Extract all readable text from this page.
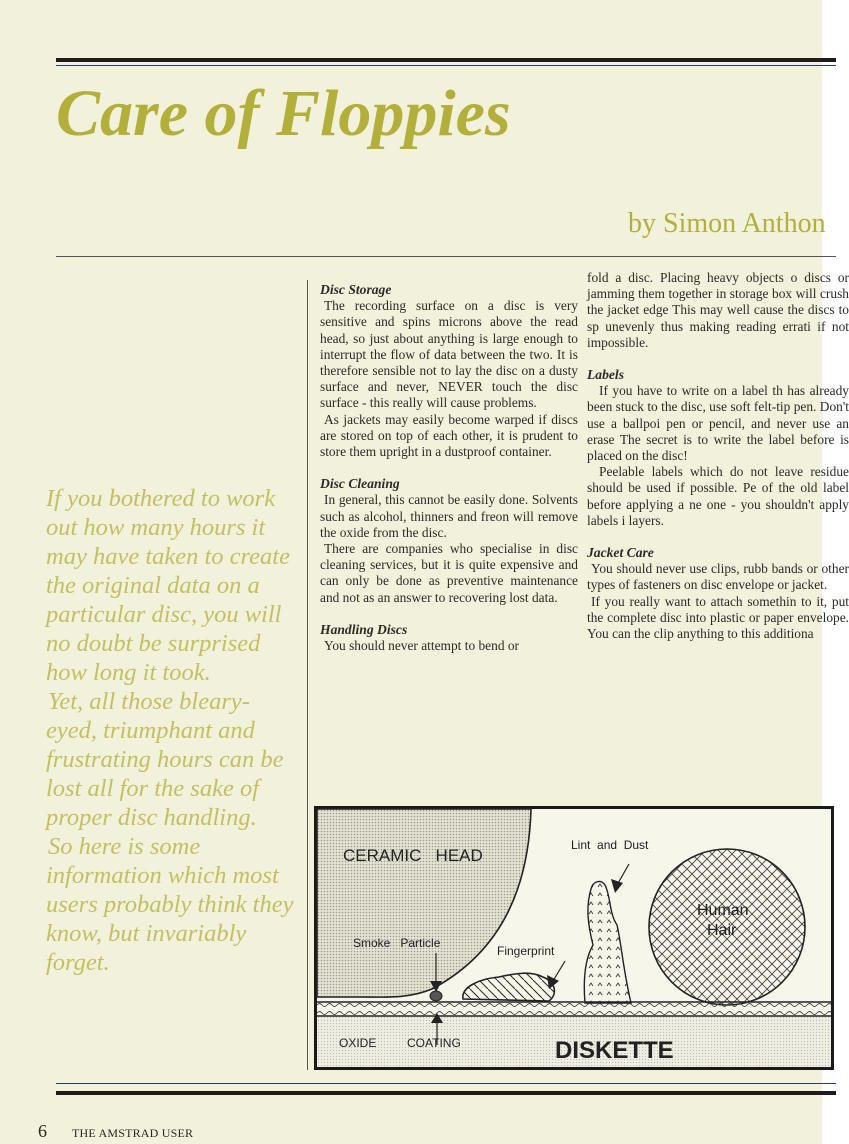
Care of Floppies
by Simon Anthon

If you bothered to work out how many hours it may have taken to create the original data on a particular disc, you will no doubt be surprised how long it took.

Yet, all those bleary-eyed, triumphant and frustrating hours can be lost all for the sake of proper disc handling.

So here is some information which most users probably think they know, but invariably forget.

Disc Storage

The recording surface on a disc is very sensitive and spins microns above the read head, so just about anything is large enough to interrupt the flow of data between the two. It is therefore sensible not to lay the disc on a dusty surface and never, NEVER touch the disc surface - this really will cause problems.

As jackets may easily become warped if discs are stored on top of each other, it is prudent to store them upright in a dustproof container.

Disc Cleaning

In general, this cannot be easily done. Solvents such as alcohol, thinners and freon will remove the oxide from the disc.

There are companies who specialise in disc cleaning services, but it is quite expensive and can only be done as preventive maintenance and not as an answer to recovering lost data.

Handling Discs

You should never attempt to bend or

fold a disc. Placing heavy objects o discs or jamming them together in storage box will crush the jacket edge This may well cause the discs to sp unevenly thus making reading errati if not impossible.

Labels

If you have to write on a label th has already been stuck to the disc, use soft felt-tip pen. Don't use a ballpoi pen or pencil, and never use an erase The secret is to write the label before is placed on the disc!

Peelable labels which do not leave residue should be used if possible. Pe of the old label before applying a ne one - you shouldn't apply labels i layers.

Jacket Care

You should never use clips, rubb bands or other types of fasteners on disc envelope or jacket.

If you really want to attach somethin to it, put the complete disc into plastic or paper envelope. You can the clip anything to this additiona

CERAMIC   HEAD
Smoke   Particle
Fingerprint
Lint  and  Dust
Human
Hair
OXIDE	COATING	DISKETTE
6 THE AMSTRAD USER
